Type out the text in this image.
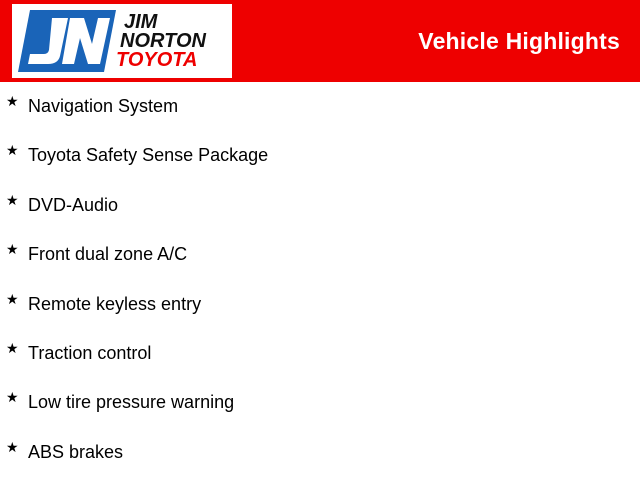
JIM
NORTON
TOYOTA
Vehicle Highlights
★ Navigation System
★ Toyota Safety Sense Package
★ DVD-Audio
★ Front dual zone A/C
★ Remote keyless entry
★ Traction control
★ Low tire pressure warning
★ ABS brakes
